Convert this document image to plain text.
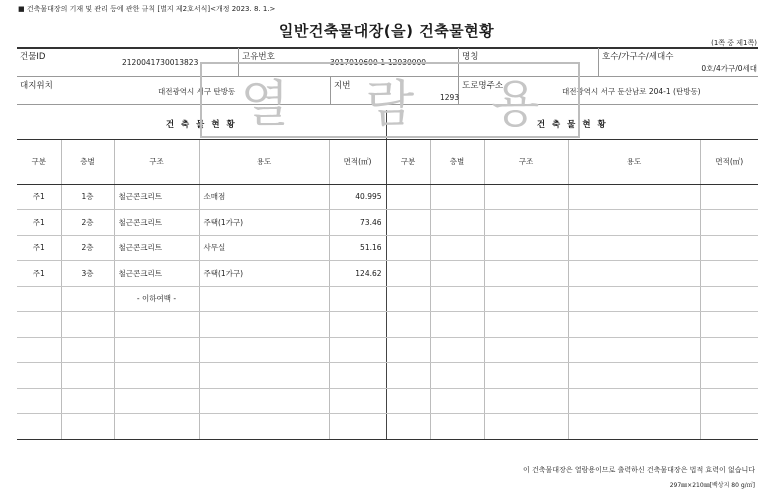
■ 건축물대장의 기재 및 관리 등에 관한 규칙 [별지 제2호서식]<개정 2023. 8. 1.>
일반건축물대장(을) 건축물현황
(1쪽 중 제1쪽)
건물ID
2120041730013823
고유번호
3017010600-1-12930000
명칭	호수/가구수/세대수
0호/4가구/0세대
대지위치
대전광역시 서구 탄방동
지번
1293
도로명주소
대전광역시 서구 둔산남로 204-1 (탄방동)
건 축 물 현 황					건 축 물 현 황				
구분	층별	구조	용도	면적(㎡)	구분	층별	구조	용도	면적(㎡)
주1	1층	철근콘크리트	소매점	40.995					
주1	2층	철근콘크리트	주택(1가구)	73.46					
주1	2층	철근콘크리트	사무실	51.16					
주1	3층	철근콘크리트	주택(1가구)	124.62					
		- 이하여백 -							

열 람 용
이 건축물대장은 열람용이므로 출력하신 건축물대장은 법적 효력이 없습니다
297㎜×210㎜[백상지 80 g/㎡]
